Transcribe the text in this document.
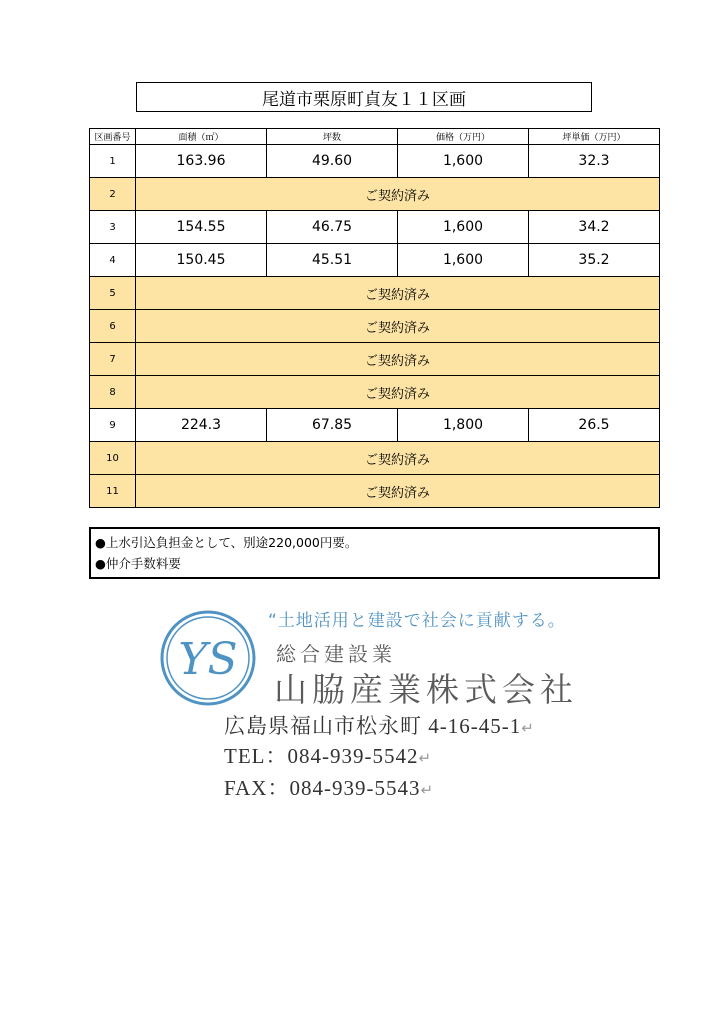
尾道市栗原町貞友１１区画
区画番号	面積（㎡）	坪数	価格（万円）	坪単価（万円）
1	163.96	49.60	1,600	32.3
2	ご契約済み			
3	154.55	46.75	1,600	34.2
4	150.45	45.51	1,600	35.2
5	ご契約済み			
6	ご契約済み			
7	ご契約済み			
8	ご契約済み			
9	224.3	67.85	1,800	26.5
10	ご契約済み			
11	ご契約済み			
●上水引込負担金として、別途220,000円要。
●仲介手数料要
YS
“土地活用と建設で社会に貢献する。
総合建設業
山脇産業株式会社
広島県福山市松永町 4-16-45-1↵
TEL：084-939-5542↵
FAX：084-939-5543↵
